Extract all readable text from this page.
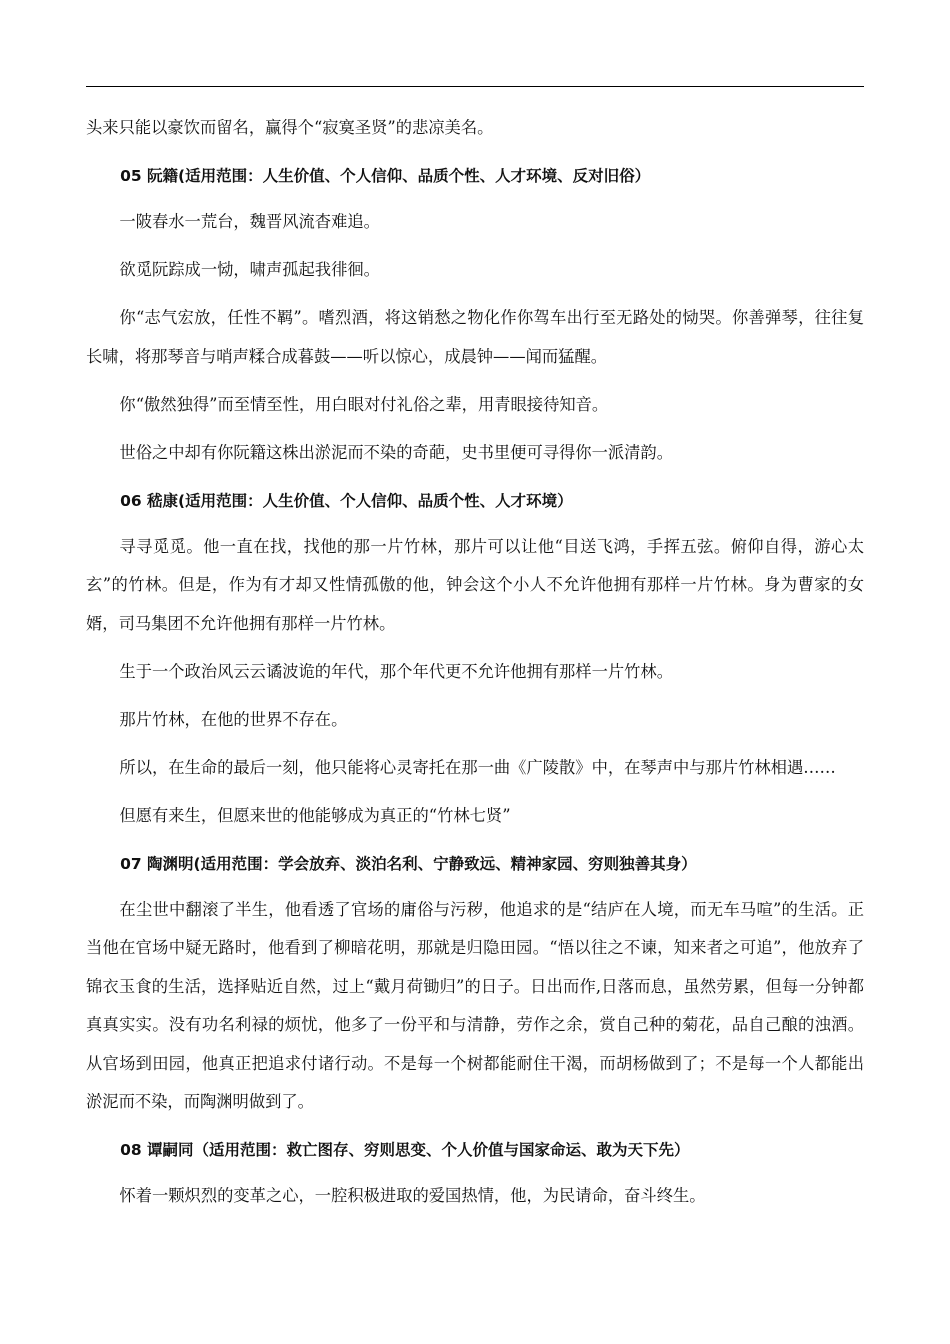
头来只能以豪饮而留名，赢得个“寂寞圣贤”的悲凉美名。

05 阮籍(适用范围：人生价值、个人信仰、品质个性、人才环境、反对旧俗）

一陂春水一荒台，魏晋风流杳难追。

欲觅阮踪成一恸，啸声孤起我徘徊。

你“志气宏放，任性不羁”。嗜烈酒，将这销愁之物化作你驾车出行至无路处的恸哭。你善弹琴，往往复长啸，将那琴音与哨声糅合成暮鼓——听以惊心，成晨钟——闻而猛醒。

你“傲然独得”而至情至性，用白眼对付礼俗之辈，用青眼接待知音。

世俗之中却有你阮籍这株出淤泥而不染的奇葩，史书里便可寻得你一派清韵。

06 嵇康(适用范围：人生价值、个人信仰、品质个性、人才环境）

寻寻觅觅。他一直在找，找他的那一片竹林，那片可以让他“目送飞鸿，手挥五弦。俯仰自得，游心太玄”的竹林。但是，作为有才却又性情孤傲的他，钟会这个小人不允许他拥有那样一片竹林。身为曹家的女婿，司马集团不允许他拥有那样一片竹林。

生于一个政治风云云谲波诡的年代，那个年代更不允许他拥有那样一片竹林。

那片竹林，在他的世界不存在。

所以，在生命的最后一刻，他只能将心灵寄托在那一曲《广陵散》中，在琴声中与那片竹林相遇……

但愿有来生，但愿来世的他能够成为真正的“竹林七贤”

07 陶渊明(适用范围：学会放弃、淡泊名利、宁静致远、精神家园、穷则独善其身）

在尘世中翻滚了半生，他看透了官场的庸俗与污秽，他追求的是“结庐在人境，而无车马喧”的生活。正当他在官场中疑无路时，他看到了柳暗花明，那就是归隐田园。“悟以往之不谏，知来者之可追”，他放弃了锦衣玉食的生活，选择贴近自然，过上“戴月荷锄归”的日子。日出而作,日落而息，虽然劳累，但每一分钟都真真实实。没有功名利禄的烦忧，他多了一份平和与清静，劳作之余，赏自己种的菊花，品自己酿的浊酒。从官场到田园，他真正把追求付诸行动。不是每一个树都能耐住干渴，而胡杨做到了；不是每一个人都能出淤泥而不染，而陶渊明做到了。

08 谭嗣同（适用范围：救亡图存、穷则思变、个人价值与国家命运、敢为天下先）

怀着一颗炽烈的变革之心，一腔积极进取的爱国热情，他，为民请命，奋斗终生。
